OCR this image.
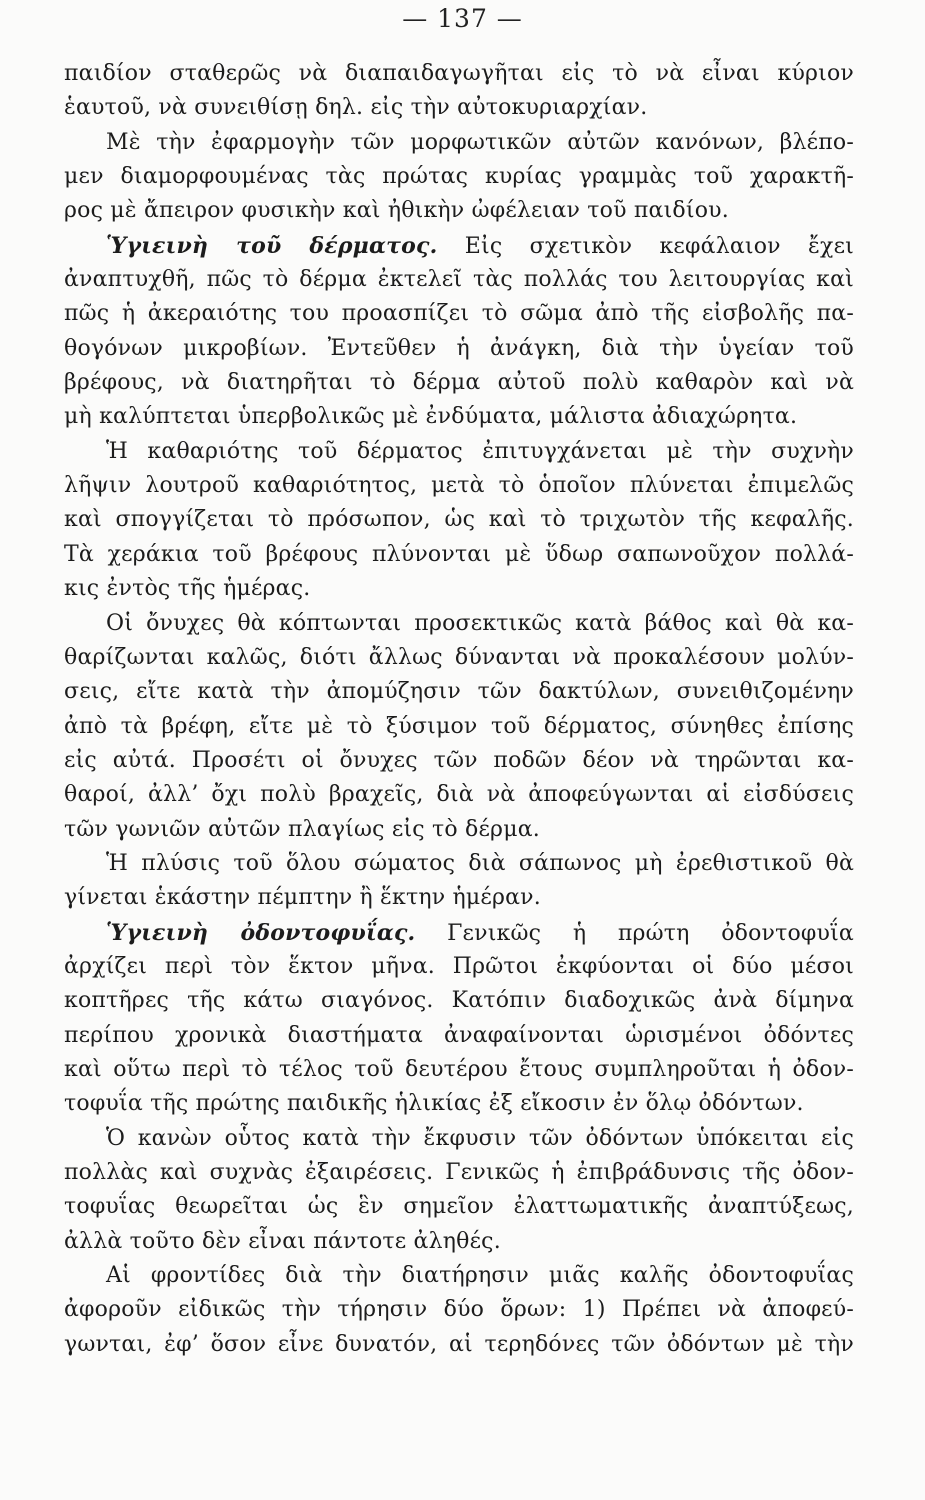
— 137 —
παιδίον σταθερῶς νὰ διαπαιδαγωγῆται εἰς τὸ νὰ εἶναι κύριον
ἑαυτοῦ, νὰ συνειθίσῃ δηλ. εἰς τὴν αὐτοκυριαρχίαν.
Μὲ τὴν ἐφαρμογὴν τῶν μορφωτικῶν αὐτῶν κανόνων, βλέπο-
μεν διαμορφουμένας τὰς πρώτας κυρίας γραμμὰς τοῦ χαρακτῆ-
ρος μὲ ἄπειρον φυσικὴν καὶ ἠθικὴν ὠφέλειαν τοῦ παιδίου.
Ὑγιεινὴ τοῦ δέρματος. Εἰς σχετικὸν κεφάλαιον ἔχει
ἀναπτυχθῆ, πῶς τὸ δέρμα ἐκτελεῖ τὰς πολλάς του λειτουργίας καὶ
πῶς ἡ ἀκεραιότης του προασπίζει τὸ σῶμα ἀπὸ τῆς εἰσβολῆς πα-
θογόνων μικροβίων. Ἐντεῦθεν ἡ ἀνάγκη, διὰ τὴν ὑγείαν τοῦ
βρέφους, νὰ διατηρῆται τὸ δέρμα αὐτοῦ πολὺ καθαρὸν καὶ νὰ
μὴ καλύπτεται ὑπερβολικῶς μὲ ἐνδύματα, μάλιστα ἀδιαχώρητα.
Ἡ καθαριότης τοῦ δέρματος ἐπιτυγχάνεται μὲ τὴν συχνὴν
λῆψιν λουτροῦ καθαριότητος, μετὰ τὸ ὁποῖον πλύνεται ἐπιμελῶς
καὶ σπογγίζεται τὸ πρόσωπον, ὡς καὶ τὸ τριχωτὸν τῆς κεφαλῆς.
Τὰ χεράκια τοῦ βρέφους πλύνονται μὲ ὕδωρ σαπωνοῦχον πολλά-
κις ἐντὸς τῆς ἡμέρας.
Οἱ ὄνυχες θὰ κόπτωνται προσεκτικῶς κατὰ βάθος καὶ θὰ κα-
θαρίζωνται καλῶς, διότι ἄλλως δύνανται νὰ προκαλέσουν μολύν-
σεις, εἴτε κατὰ τὴν ἀπομύζησιν τῶν δακτύλων, συνειθιζομένην
ἀπὸ τὰ βρέφη, εἴτε μὲ τὸ ξύσιμον τοῦ δέρματος, σύνηθες ἐπίσης
εἰς αὐτά. Προσέτι οἱ ὄνυχες τῶν ποδῶν δέον νὰ τηρῶνται κα-
θαροί, ἀλλ’ ὄχι πολὺ βραχεῖς, διὰ νὰ ἀποφεύγωνται αἱ εἰσδύσεις
τῶν γωνιῶν αὐτῶν πλαγίως εἰς τὸ δέρμα.
Ἡ πλύσις τοῦ ὅλου σώματος διὰ σάπωνος μὴ ἐρεθιστικοῦ θὰ
γίνεται ἑκάστην πέμπτην ἢ ἕκτην ἡμέραν.
Ὑγιεινὴ ὀδοντοφυΐας. Γενικῶς ἡ πρώτη ὀδοντοφυΐα
ἀρχίζει περὶ τὸν ἕκτον μῆνα. Πρῶτοι ἐκφύονται οἱ δύο μέσοι
κοπτῆρες τῆς κάτω σιαγόνος. Κατόπιν διαδοχικῶς ἀνὰ δίμηνα
περίπου χρονικὰ διαστήματα ἀναφαίνονται ὡρισμένοι ὀδόντες
καὶ οὕτω περὶ τὸ τέλος τοῦ δευτέρου ἔτους συμπληροῦται ἡ ὀδον-
τοφυΐα τῆς πρώτης παιδικῆς ἡλικίας ἐξ εἴκοσιν ἐν ὅλῳ ὀδόντων.
Ὁ κανὼν οὗτος κατὰ τὴν ἔκφυσιν τῶν ὀδόντων ὑπόκειται εἰς
πολλὰς καὶ συχνὰς ἐξαιρέσεις. Γενικῶς ἡ ἐπιβράδυνσις τῆς ὀδον-
τοφυΐας θεωρεῖται ὡς ἓν σημεῖον ἐλαττωματικῆς ἀναπτύξεως,
ἀλλὰ τοῦτο δὲν εἶναι πάντοτε ἀληθές.
Αἱ φροντίδες διὰ τὴν διατήρησιν μιᾶς καλῆς ὀδοντοφυΐας
ἀφοροῦν εἰδικῶς τὴν τήρησιν δύο ὅρων: 1) Πρέπει νὰ ἀποφεύ-
γωνται, ἐφ’ ὅσον εἶνε δυνατόν, αἱ τερηδόνες τῶν ὀδόντων μὲ τὴν
